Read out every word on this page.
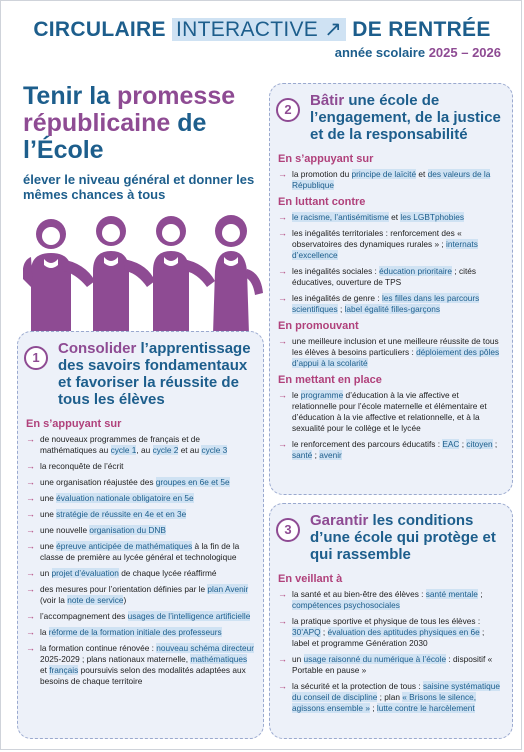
CIRCULAIRE INTERACTIVE ↗ DE RENTRÉE
année scolaire 2025 – 2026
Tenir la promesse républicaine de l’École

élever le niveau général et donner les mêmes chances à tous

1
Consolider l’apprentissage des savoirs fondamentaux et favoriser la réussite de tous les élèves
En s’appuyant sur
→ de nouveaux programmes de français et de mathématiques au cycle 1, au cycle 2 et au cycle 3
→ la reconquête de l’écrit
→ une organisation réajustée des groupes en 6e et 5e
→ une évaluation nationale obligatoire en 5e
→ une stratégie de réussite en 4e et en 3e
→ une nouvelle organisation du DNB
→ une épreuve anticipée de mathématiques à la fin de la classe de première au lycée général et technologique
→ un projet d’évaluation de chaque lycée réaffirmé
→ des mesures pour l’orientation définies par le plan Avenir (voir la note de service)
→ l’accompagnement des usages de l’intelligence artificielle
→ la réforme de la formation initiale des professeurs
→ la formation continue rénovée : nouveau schéma directeur 2025-2029 ; plans nationaux maternelle, mathématiques et français poursuivis selon des modalités adaptées aux besoins de chaque territoire
2
Bâtir une école de l’engagement, de la justice et de la responsabilité
En s’appuyant sur
→ la promotion du principe de laïcité et des valeurs de la République
En luttant contre
→ le racisme, l’antisémitisme et les LGBTphobies
→ les inégalités territoriales : renforcement des « observatoires des dynamiques rurales » ; internats d’excellence
→ les inégalités sociales : éducation prioritaire ; cités éducatives, ouverture de TPS
→ les inégalités de genre : les filles dans les parcours scientifiques ; label égalité filles-garçons
En promouvant
→ une meilleure inclusion et une meilleure réussite de tous les élèves à besoins particuliers : déploiement des pôles d’appui à la scolarité
En mettant en place
→ le programme d’éducation à la vie affective et relationnelle pour l’école maternelle et élémentaire et d’éducation à la vie affective et relationnelle, et à la sexualité pour le collège et le lycée
→ le renforcement des parcours éducatifs : EAC ; citoyen ; santé ; avenir
3
Garantir les conditions d’une école qui protège et qui rassemble
En veillant à
→ la santé et au bien-être des élèves : santé mentale ; compétences psychosociales
→ la pratique sportive et physique de tous les élèves : 30’APQ ; évaluation des aptitudes physiques en 6e ; label et programme Génération 2030
→ un usage raisonné du numérique à l’école : dispositif « Portable en pause »
→ la sécurité et la protection de tous : saisine systématique du conseil de discipline ; plan « Brisons le silence, agissons ensemble » ; lutte contre le harcèlement
